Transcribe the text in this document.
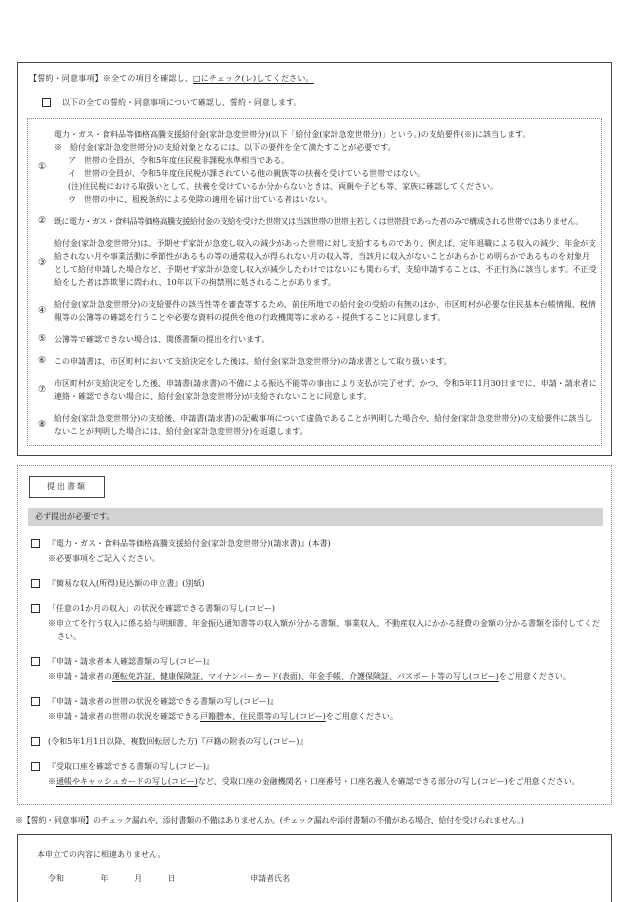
【誓約・同意事項】※全ての項目を確認し、□にチェック(レ)してください。
以下の全ての誓約・同意事項について確認し、誓約・同意します。
①
電力・ガス・食料品等価格高騰支援給付金(家計急変世帯分)(以下「給付金(家計急変世帯分)」という。)の支給要件(※)に該当します。
※　給付金(家計急変世帯分)の支給対象となるには、以下の要件を全て満たすことが必要です。
ア　世帯の全員が、令和5年度住民税非課税水準相当である。
イ　世帯の全員が、令和5年度住民税が課されている他の親族等の扶養を受けている世帯ではない。
(注)住民税における取扱いとして、扶養を受けているか分からないときは、両親や子ども等、家族に確認してください。
ウ　世帯の中に、租税条約による免除の適用を届け出ている者はいない。
② 既に電力・ガス・食料品等価格高騰支援給付金の支給を受けた世帯又は当該世帯の世帯主若しくは世帯員であった者のみで構成される世帯ではありません。
③
給付金(家計急変世帯分)は、予期せず家計が急変し収入の減少があった世帯に対し支給するものであり、例えば、定年退職による収入の減少、年金が支給されない月や事業活動に季節性があるもの等の通常収入が得られない月の収入等、当該月に収入がないことがあらかじめ明らかであるものを対象月として給付申請した場合など、予期せず家計が急変し収入が減少したわけではないにも関わらず、支給申請することは、不正行為に該当します。不正受給をした者は詐欺罪に問われ、10年以下の拘禁刑に処されることがあります。
④
給付金(家計急変世帯分)の支給要件の該当性等を審査等するため、前住所地での給付金の受給の有無のほか、市区町村が必要な住民基本台帳情報、税情報等の公簿等の確認を行うことや必要な資料の提供を他の行政機関等に求める・提供することに同意します。
⑤ 公簿等で確認できない場合は、関係書類の提出を行います。
⑥ この申請書は、市区町村において支給決定をした後は、給付金(家計急変世帯分)の請求書として取り扱います。
⑦
市区町村が支給決定をした後、申請書(請求書)の不備による振込不能等の事由により支払が完了せず、かつ、令和5年11月30日までに、申請・請求者に連絡・確認できない場合に、給付金(家計急変世帯分)が支給されないことに同意します。
⑧
給付金(家計急変世帯分)の支給後、申請書(請求書)の記載事項について虚偽であることが判明した場合や、給付金(家計急変世帯分)の支給要件に該当しないことが判明した場合には、給付金(家計急変世帯分)を返還します。
提出書類
必ず提出が必要です。
『電力・ガス・食料品等価格高騰支援給付金(家計急変世帯分)(請求書)』(本書)
※必要事項をご記入ください。
『簡易な収入(所得)見込額の申立書』(別紙)
「任意の1か月の収入」の状況を確認できる書類の写し(コピー)
※申立てを行う収入に係る給与明細書、年金振込通知書等の収入額が分かる書類、事業収入、不動産収入にかかる経費の金額の分かる書類を添付してください。
『申請・請求者本人確認書類の写し(コピー)』
※申請・請求者の運転免許証、健康保険証、マイナンバーカード(表面)、年金手帳、介護保険証、パスポート等の写し(コピー)をご用意ください。
『申請・請求者の世帯の状況を確認できる書類の写し(コピー)』
※申請・請求者の世帯の状況を確認できる戸籍謄本、住民票等の写し(コピー)をご用意ください。
(令和5年1月1日以降、複数回転居した方)『戸籍の附表の写し(コピー)』
『受取口座を確認できる書類の写し(コピー)』
※通帳やキャッシュカードの写し(コピー)など、受取口座の金融機関名・口座番号・口座名義人を確認できる部分の写し(コピー)をご用意ください。
※【誓約・同意事項】のチェック漏れや、添付書類の不備はありませんか。(チェック漏れや添付書類の不備がある場合、給付を受けられません。)
本申立ての内容に相違ありません。
令和	年	月	日	申請者氏名
